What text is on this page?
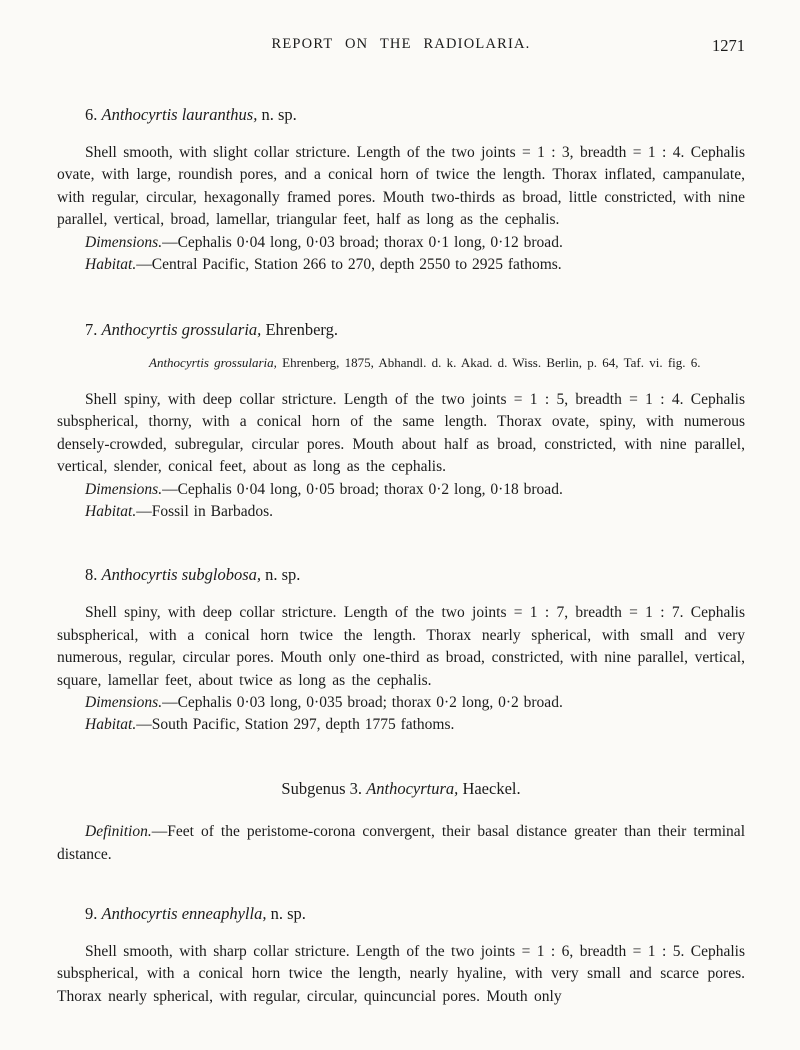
REPORT ON THE RADIOLARIA.	1271

6. Anthocyrtis lauranthus, n. sp.

Shell smooth, with slight collar stricture. Length of the two joints = 1 : 3, breadth = 1 : 4. Cephalis ovate, with large, roundish pores, and a conical horn of twice the length. Thorax inflated, campanulate, with regular, circular, hexagonally framed pores. Mouth two-thirds as broad, little constricted, with nine parallel, vertical, broad, lamellar, triangular feet, half as long as the cephalis.

Dimensions.—Cephalis 0·04 long, 0·03 broad; thorax 0·1 long, 0·12 broad.

Habitat.—Central Pacific, Station 266 to 270, depth 2550 to 2925 fathoms.

7. Anthocyrtis grossularia, Ehrenberg.

Anthocyrtis grossularia, Ehrenberg, 1875, Abhandl. d. k. Akad. d. Wiss. Berlin, p. 64, Taf. vi. fig. 6.

Shell spiny, with deep collar stricture. Length of the two joints = 1 : 5, breadth = 1 : 4. Cephalis subspherical, thorny, with a conical horn of the same length. Thorax ovate, spiny, with numerous densely-crowded, subregular, circular pores. Mouth about half as broad, constricted, with nine parallel, vertical, slender, conical feet, about as long as the cephalis.

Dimensions.—Cephalis 0·04 long, 0·05 broad; thorax 0·2 long, 0·18 broad.

Habitat.—Fossil in Barbados.

8. Anthocyrtis subglobosa, n. sp.

Shell spiny, with deep collar stricture. Length of the two joints = 1 : 7, breadth = 1 : 7. Cephalis subspherical, with a conical horn twice the length. Thorax nearly spherical, with small and very numerous, regular, circular pores. Mouth only one-third as broad, constricted, with nine parallel, vertical, square, lamellar feet, about twice as long as the cephalis.

Dimensions.—Cephalis 0·03 long, 0·035 broad; thorax 0·2 long, 0·2 broad.

Habitat.—South Pacific, Station 297, depth 1775 fathoms.

Subgenus 3. Anthocyrtura, Haeckel.

Definition.—Feet of the peristome-corona convergent, their basal distance greater than their terminal distance.

9. Anthocyrtis enneaphylla, n. sp.

Shell smooth, with sharp collar stricture. Length of the two joints = 1 : 6, breadth = 1 : 5. Cephalis subspherical, with a conical horn twice the length, nearly hyaline, with very small and scarce pores. Thorax nearly spherical, with regular, circular, quincuncial pores. Mouth only
